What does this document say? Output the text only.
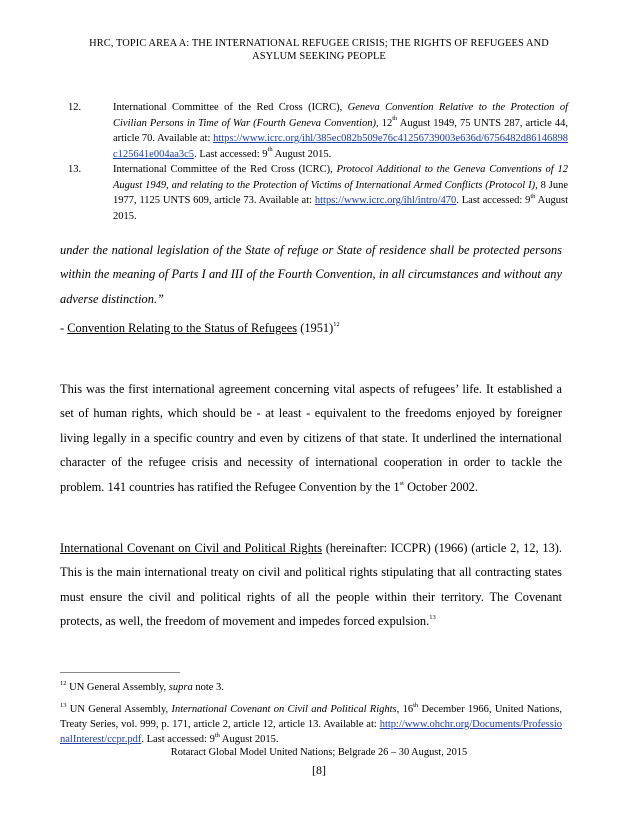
HRC, TOPIC AREA A: THE INTERNATIONAL REFUGEE CRISIS; THE RIGHTS OF REFUGEES AND
ASYLUM SEEKING PEOPLE
12.	International Committee of the Red Cross (ICRC), Geneva Convention Relative to the Protection of Civilian Persons in Time of War (Fourth Geneva Convention), 12th August 1949, 75 UNTS 287, article 44, article 70. Available at: https://www.icrc.org/ihl/385ec082b509e76c41256739003e636d/6756482d86146898c125641e004aa3c5. Last accessed: 9th August 2015.
13.	International Committee of the Red Cross (ICRC), Protocol Additional to the Geneva Conventions of 12 August 1949, and relating to the Protection of Victims of International Armed Conflicts (Protocol I), 8 June 1977, 1125 UNTS 609, article 73. Available at: https://www.icrc.org/ihl/intro/470. Last accessed: 9th August 2015.
under the national legislation of the State of refuge or State of residence shall be protected persons within the meaning of Parts I and III of the Fourth Convention, in all circumstances and without any adverse distinction.”
- Convention Relating to the Status of Refugees $(1951)^{12}$
This was the first international agreement concerning vital aspects of refugees’ life. It established a set of human rights, which should be - at least - equivalent to the freedoms enjoyed by foreigner living legally in a specific country and even by citizens of that state. It underlined the international character of the refugee crisis and necessity of international cooperation in order to tackle the problem. 141 countries has ratified the Refugee Convention by the 1st October 2002.
International Covenant on Civil and Political Rights (hereinafter: ICCPR) (1966) (article 2, 12, 13). This is the main international treaty on civil and political rights stipulating that all contracting states must ensure the civil and political rights of all the people within their territory. The Covenant protects, as well, the freedom of movement and impedes forced expulsion.$^{13}$
$^{12}$ UN General Assembly, supra note 3.
$^{13}$ UN General Assembly, International Covenant on Civil and Political Rights, 16th December 1966, United Nations, Treaty Series, vol. 999, p. 171, article 2, article 12, article 13. Available at: http://www.ohchr.org/Documents/ProfessionalInterest/ccpr.pdf. Last accessed: 9th August 2015.
Rotaract Global Model United Nations; Belgrade 26 – 30 August, 2015
[8]
